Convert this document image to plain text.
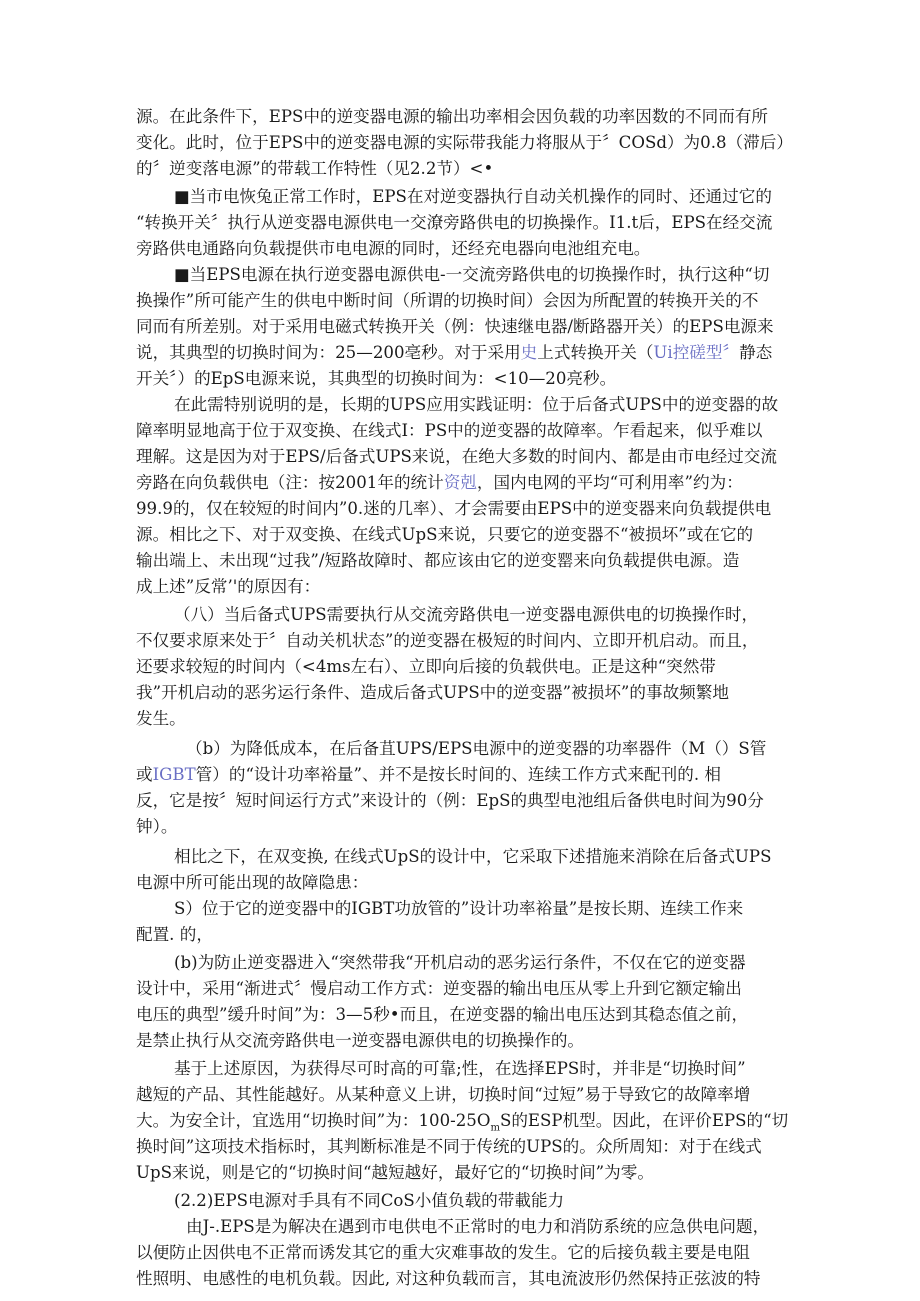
源。在此条件下，EPS中的逆变器电源的输出功率相会因负载的功率因数的不同而有所
变化。此时，位于EPS中的逆变器电源的实际带我能力将服从于〞COSd）为0.8（滞后）
的〞逆变落电源”的带载工作特性（见2.2节）<•
■当市电恢兔正常工作时，EPS在对逆变器执行自动关机操作的同时、还通过它的
“转换开关〞执行从逆变器电源供电一交潦旁路供电的切换操作。I1.t后，EPS在经交流
旁路供电通路向负载提供市电电源的同时，还经充电器向电池组充电。
■当EPS电源在执行逆变器电源供电-一交流旁路供电的切换操作时，执行这种“切
换操作”所可能产生的供电中断时间（所谓的切换时间）会因为所配置的转换开关的不
同而有所差别。对于采用电磁式转换开关（例：快速继电器/断路器开关）的EPS电源来
说，其典型的切换时间为：25—200亳秒。对于采用史上式转换开关（Ui控磋型〞静态
开关〞）的EpS电源来说，其典型的切换时间为：<10—20亮秒。
在此需特别说明的是，长期的UPS应用实践证明：位于后备式UPS中的逆变器的故
障率明显地高于位于双变换、在线式I：PS中的逆变器的故障率。乍看起来，似乎难以
理解。这是因为对于EPS/后备式UPS来说，在绝大多数的时间内、都是由市电经过交流
旁路在向负载供电（注：按2001年的统计资剋，国内电网的平均“可利用率”约为：
99.9的，仅在较短的时间内”0.迷的几率）、才会需要由EPS中的逆变器来向负载提供电
源。相比之下、对于双变换、在线式UpS来说，只要它的逆变器不“被损坏”或在它的
输出端上、未出现“过我”/短路故障时、都应该由它的逆变罂来向负载提供电源。造
成上述”反常’'的原因有：
（八）当后备式UPS需要执行从交流旁路供电一逆变器电源供电的切换操作时，
不仅要求原来处于〞自动关机状态”的逆变器在极短的时间内、立即开机启动。而且，
还要求较短的时间内（<4ms左右）、立即向后接的负载供电。正是这种“突然带
我”开机启动的恶劣运行条件、造成后备式UPS中的逆变器”被损坏”的事故频繁地
发生。
（b）为降低成本，在后备苴UPS/EPS电源中的逆变器的功率器件（M（）S管
或IGBT管）的“设计功率裕量”、并不是按长时间的、连续工作方式来配刊的. 相
反，它是按〞短时间运行方式”来设计的（例：EpS的典型电池组后备供电时间为90分
钟）。
相比之下，在双变换, 在线式UpS的设计中，它采取下述措施来消除在后备式UPS
电源中所可能出现的故障隐患：
S）位于它的逆变器中的IGBT功放管的”设计功率裕量”是按长期、连续工作来
配置. 的，
(b)为防止逆变器进入“突然带我“开机启动的恶劣运行条件，不仅在它的逆变器
设计中，采用“渐进式〞慢启动工作方式：逆变器的输出电压从零上升到它额定输出
电压的典型”缓升时间”为：3—5秒•而且，在逆变器的输出电压达到其稳态值之前，
是禁止执行从交流旁路供电一逆变器电源供电的切换操作的。
基于上述原因，为获得尽可时高的可靠;性，在选择EPS时，并非是“切换时间”
越短的产品、其性能越好。从某种意义上讲，切换时间“过短”易于导致它的故障率增
大。为安全计，宜选用“切换时间”为：$100-25O_mS$的ESP机型。因此，在评价EPS的“切
换时间”这项技术指标时，其判断标准是不同于传统的UPS的。众所周知：对于在线式
UpS来说，则是它的“切换时间“越短越好，最好它的“切换时间”为零。
(2.2)EPS电源对手具有不同CoS小值负载的带載能力
由J-.EPS是为解决在遇到市电供电不正常时的电力和消防系统的应急供电问题，
以便防止因供电不正常而诱发其它的重大灾难事故的发生。它的后接负载主要是电阻
性照明、电感性的电机负载。因此, 对这种负载而言，其电流波形仍然保持正弦波的特
